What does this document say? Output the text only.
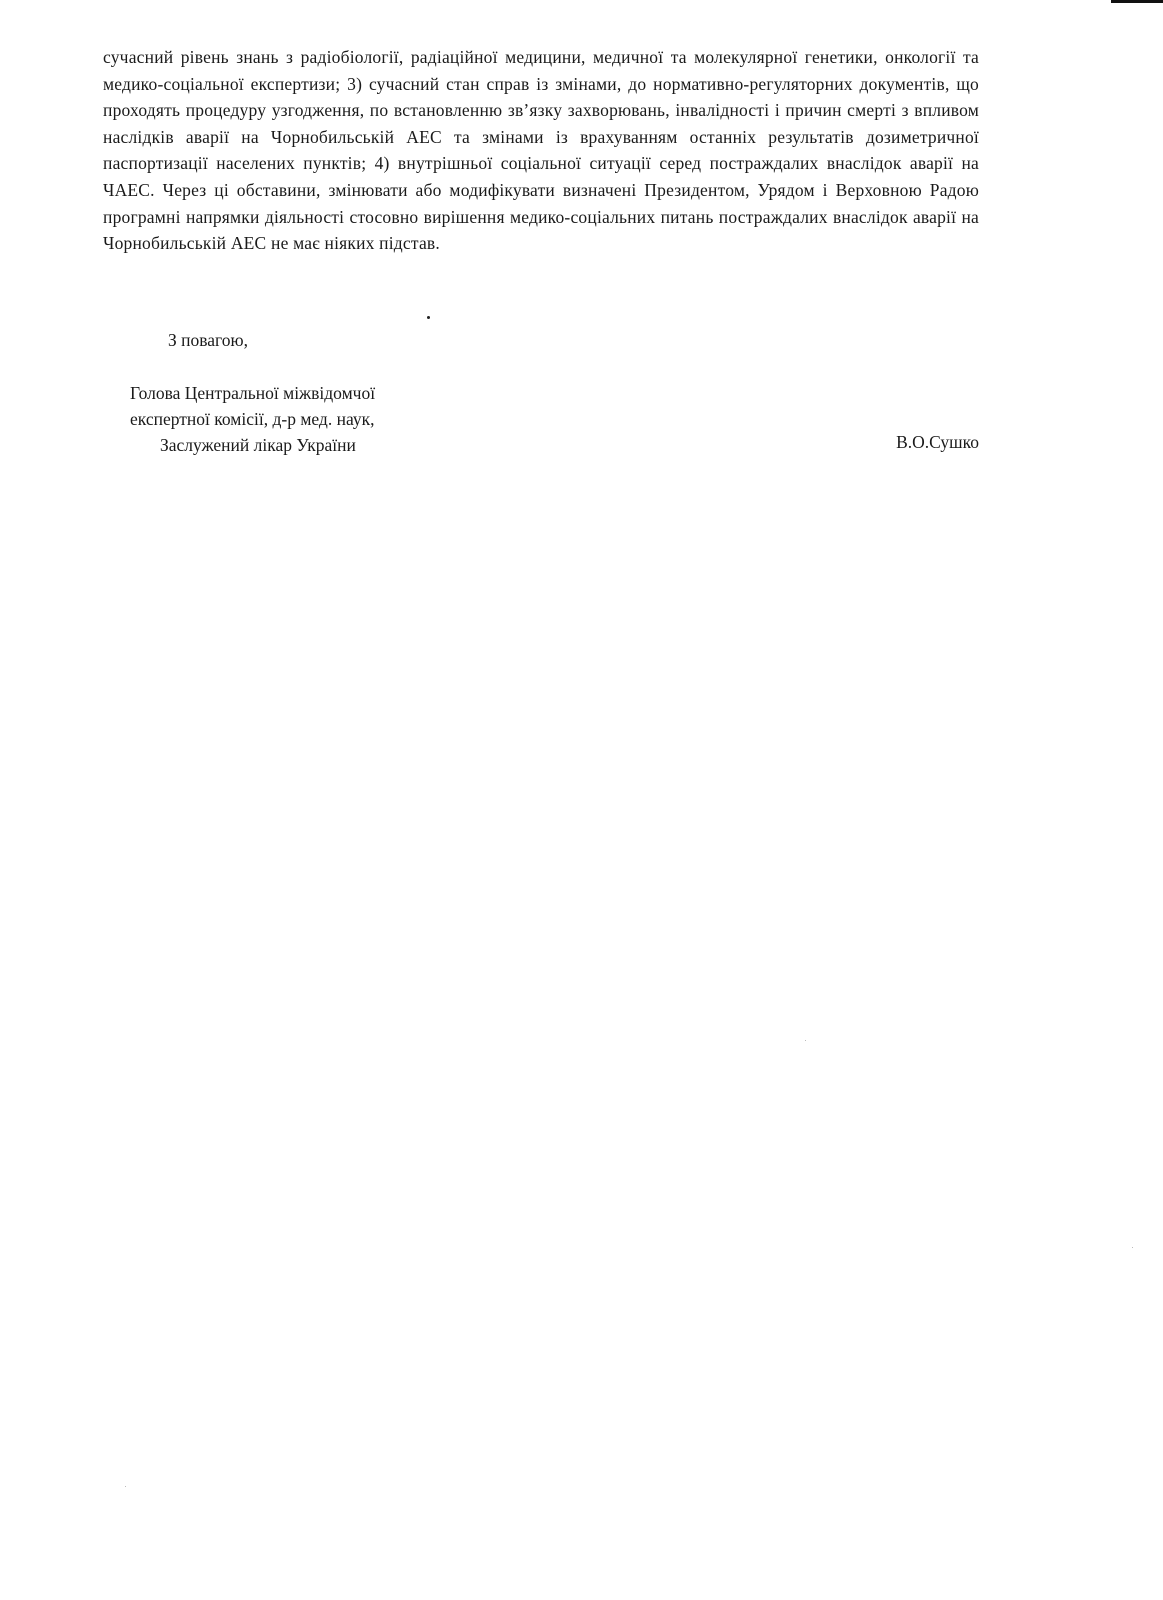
сучасний рівень знань з радіобіології, радіаційної медицини, медичної та молекулярної генетики, онкології та медико-соціальної експертизи; 3) сучасний стан справ із змінами, до нормативно-регуляторних документів, що проходять процедуру узгодження, по встановленню зв’язку захворювань, інвалідності і причин смерті з впливом наслідків аварії на Чорнобильській АЕС та змінами із врахуванням останніх результатів дозиметричної паспортизації населених пунктів; 4) внутрішньої соціальної ситуації серед постраждалих внаслідок аварії на ЧАЕС. Через ці обставини, змінювати або модифікувати визначені Президентом, Урядом і Верховною Радою програмні напрямки діяльності стосовно вирішення медико-соціальних питань постраждалих внаслідок аварії на Чорнобильській АЕС не має ніяких підстав.

З повагою,

Голова Центральної міжвідомчої
експертної комісії, д-р мед. наук,
Заслужений лікар України	В.О.Сушко
